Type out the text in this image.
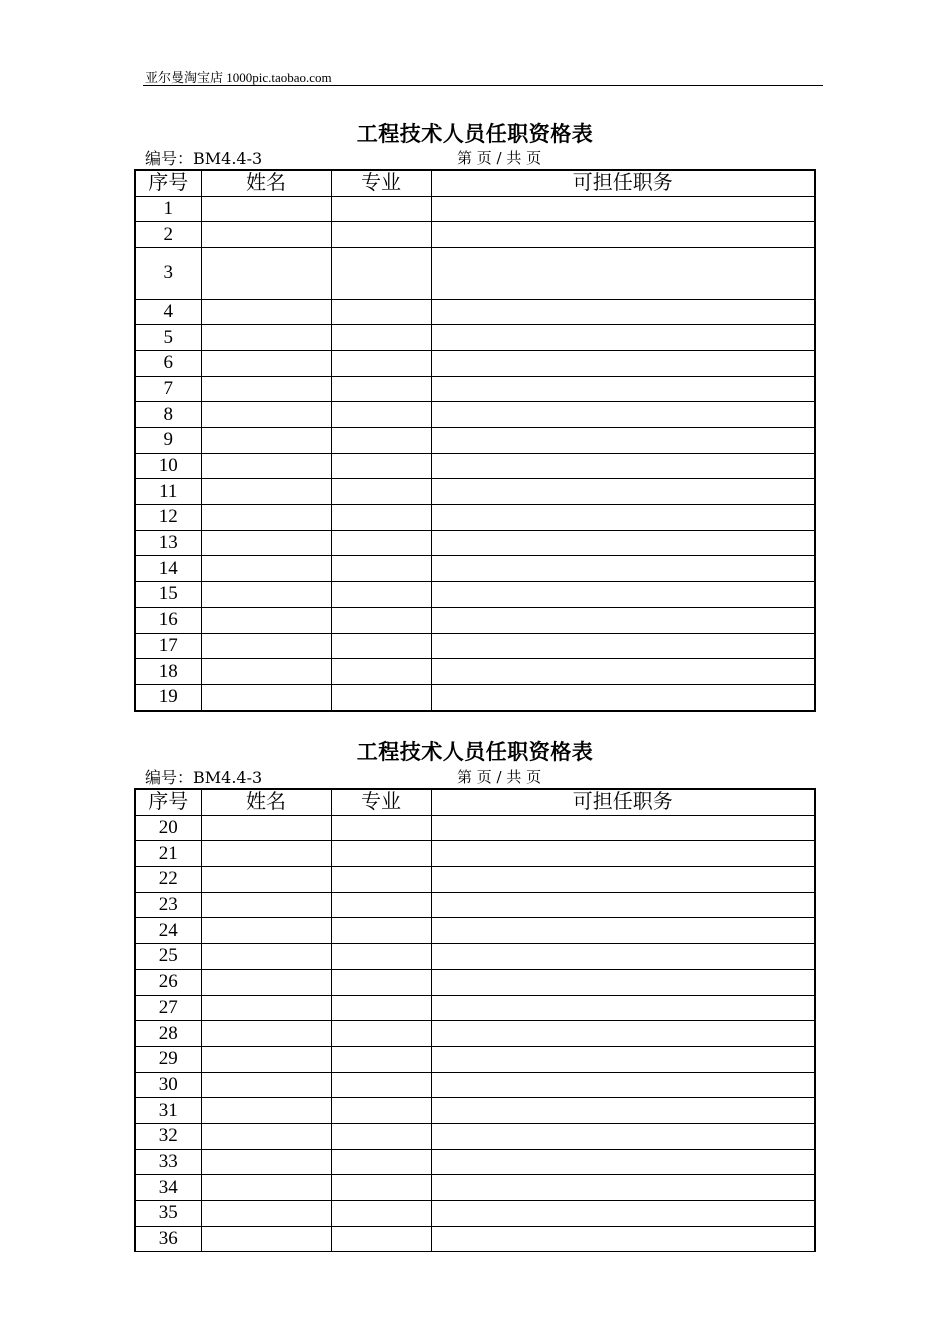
亚尔曼淘宝店 1000pic.taobao.com
工程技术人员任职资格表
编号：BM4.4-3	第 页 / 共 页
序号	姓名	专业	可担任职务
1			
2			
3			
4			
5			
6			
7			
8			
9			
10			
11			
12			
13			
14			
15			
16			
17			
18			
19			
工程技术人员任职资格表
编号：BM4.4-3	第 页 / 共 页
序号	姓名	专业	可担任职务
20			
21			
22			
23			
24			
25			
26			
27			
28			
29			
30			
31			
32			
33			
34			
35			
36			
